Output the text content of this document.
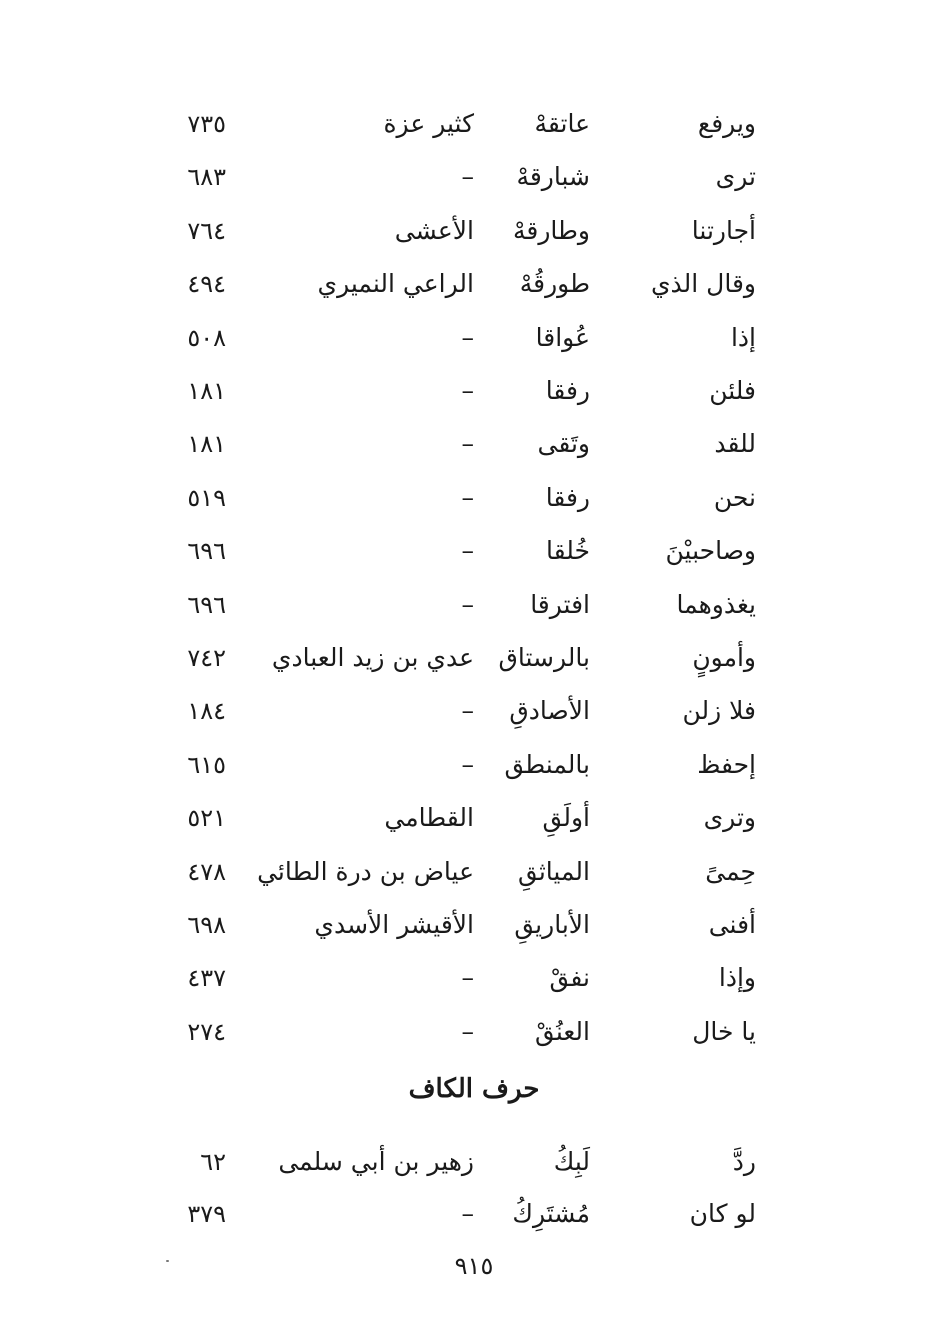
ويرفع
عاتقهْ
كثير عزة
٧٣٥
ترى
شبارقهْ
–
٦٨٣
أجارتنا
وطارقهْ
الأعشى
٧٦٤
وقال الذي
طورقُهْ
الراعي النميري
٤٩٤
إذا
عُواقا
–
٥٠٨
فلئن
رفقا
–
١٨١
للقد
وتَقى
–
١٨١
نحن
رفقا
–
٥١٩
وصاحبيْنَ
خُلقا
–
٦٩٦
يغذوهما
افترقا
–
٦٩٦
وأمونٍ
بالرستاق
عدي بن زيد العبادي
٧٤٢
فلا زلن
الأصادقِ
–
١٨٤
إحفظ
بالمنطق
–
٦١٥
وترى
أولَقِ
القطامي
٥٢١
حِمىً
المياثقِ
عياض بن درة الطائي
٤٧٨
أفنى
الأباريقِ
الأقيشر الأسدي
٦٩٨
وإذا
نفقْ
–
٤٣٧
يا خال
العنُقْ
–
٢٧٤
حرف الكاف
ردَّ
لَبِكُ
زهير بن أبي سلمى
٦٢
لو كان
مُشتَرِكُ
–
٣٧٩
٩١٥
